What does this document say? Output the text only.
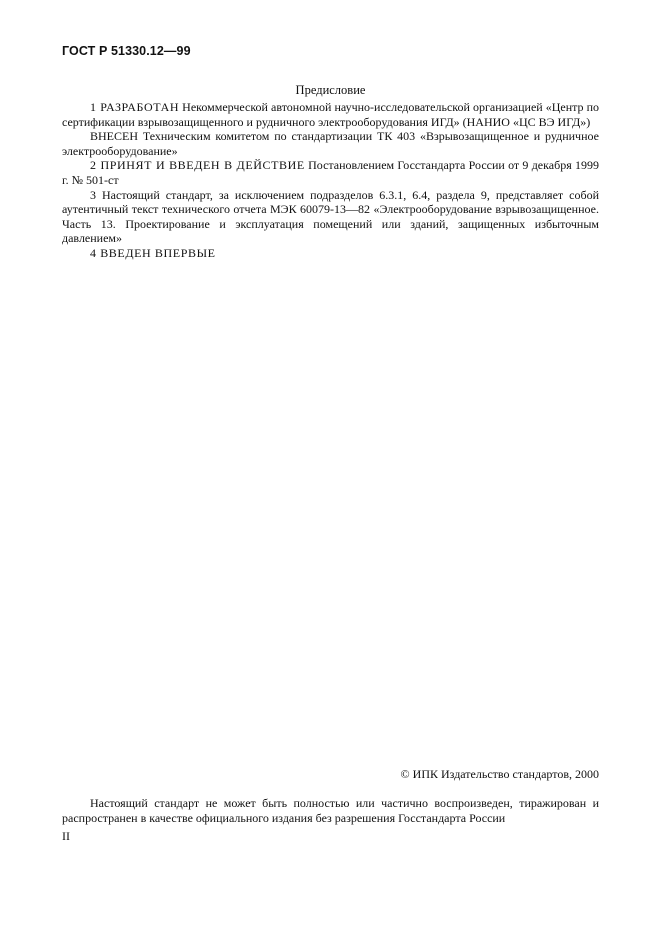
ГОСТ Р 51330.12—99
Предисловие

1 РАЗРАБОТАН Некоммерческой автономной научно-исследовательской организацией «Центр по сертификации взрывозащищенного и рудничного электрооборудования ИГД» (НАНИО «ЦС ВЭ ИГД»)

ВНЕСЕН Техническим комитетом по стандартизации ТК 403 «Взрывозащищенное и рудничное электрооборудование»

2 ПРИНЯТ И ВВЕДЕН В ДЕЙСТВИЕ Постановлением Госстандарта России от 9 декабря 1999 г. № 501-ст

3 Настоящий стандарт, за исключением подразделов 6.3.1, 6.4, раздела 9, представляет собой аутентичный текст технического отчета МЭК 60079-13—82 «Электрооборудование взрывозащищенное. Часть 13. Проектирование и эксплуатация помещений или зданий, защищенных избыточным давлением»

4 ВВЕДЕН ВПЕРВЫЕ

© ИПК Издательство стандартов, 2000

Настоящий стандарт не может быть полностью или частично воспроизведен, тиражирован и распространен в качестве официального издания без разрешения Госстандарта России

II
